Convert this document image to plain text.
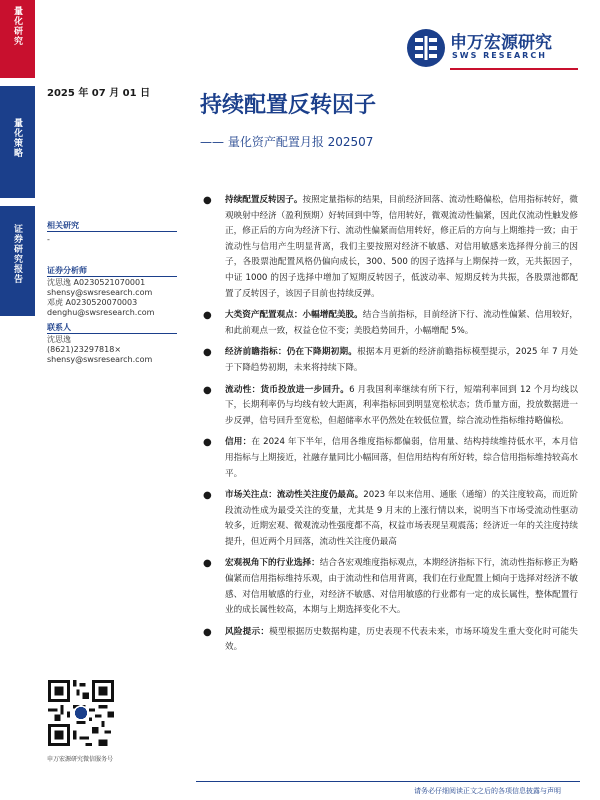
量化研究
量化策略
证券研究报告
申万宏源研究
SWS RESEARCH
2025 年 07 月 01 日 持续配置反转因子
—— 量化资产配置月报 202507
相关研究
-
证券分析师
沈思逸 A0230521070001
shensy@swsresearch.com
邓虎 A0230520070003
denghu@swsresearch.com
联系人
沈思逸
(8621)23297818×
shensy@swsresearch.com
● 持续配置反转因子。按照定量指标的结果，目前经济回落、流动性略偏松，信用指标转好，微观映射中经济（盈利预期）好转回到中等，信用转好，微观流动性偏紧，因此仅流动性触发修正，修正后的方向为经济下行、流动性偏紧而信用转好，修正后的方向与上期维持一致；由于流动性与信用产生明显背离，我们主要按照对经济不敏感、对信用敏感来选择得分前三的因子，各股票池配置风格仍偏向成长，300、500 的因子选择与上期保持一致，无共振因子，中证 1000 的因子选择中增加了短期反转因子，低波动率、短期反转为共振，各股票池都配置了反转因子，该因子目前也持续反弹。
● 大类资产配置观点：小幅增配美股。结合当前指标，目前经济下行、流动性偏紧、信用较好，和此前观点一致，权益仓位不变；美股趋势回升，小幅增配 5%。
● 经济前瞻指标：仍在下降期初期。根据本月更新的经济前瞻指标模型提示，2025 年 7 月处于下降趋势初期，未来将持续下降。
● 流动性：货币投放进一步回升。6 月我国利率继续有所下行，短端利率回到 12 个月均线以下，长期利率仍与均线有较大距离，利率指标回到明显宽松状态；货币量方面，投放数据进一步反弹，信号回升至宽松，但超储率水平仍然处在较低位置，综合流动性指标维持略偏松。
● 信用：在 2024 年下半年，信用各维度指标都偏弱，信用量、结构持续维持低水平，本月信用指标与上期接近，社融存量同比小幅回落，但信用结构有所好转，综合信用指标维持较高水平。
● 市场关注点：流动性关注度仍最高。2023 年以来信用、通胀（通缩）的关注度较高，而近阶段流动性成为最受关注的变量，尤其是 9 月末的上涨行情以来，说明当下市场受流动性驱动较多，近期宏观、微观流动性强度都不高，权益市场表现呈观震荡；经济近一年的关注度持续提升，但近两个月回落，流动性关注度仍最高
● 宏观视角下的行业选择：结合各宏观维度指标观点，本期经济指标下行，流动性指标修正为略偏紧而信用指标维持乐观，由于流动性和信用背离，我们在行业配置上倾向于选择对经济不敏感、对信用敏感的行业，对经济不敏感、对信用敏感的行业都有一定的成长属性，整体配置行业的成长属性较高，本期与上期选择变化不大。
● 风险提示：模型根据历史数据构建，历史表现不代表未来，市场环境发生重大变化时可能失效。
申万宏源研究微信服务号
请务必仔细阅读正文之后的各项信息披露与声明
